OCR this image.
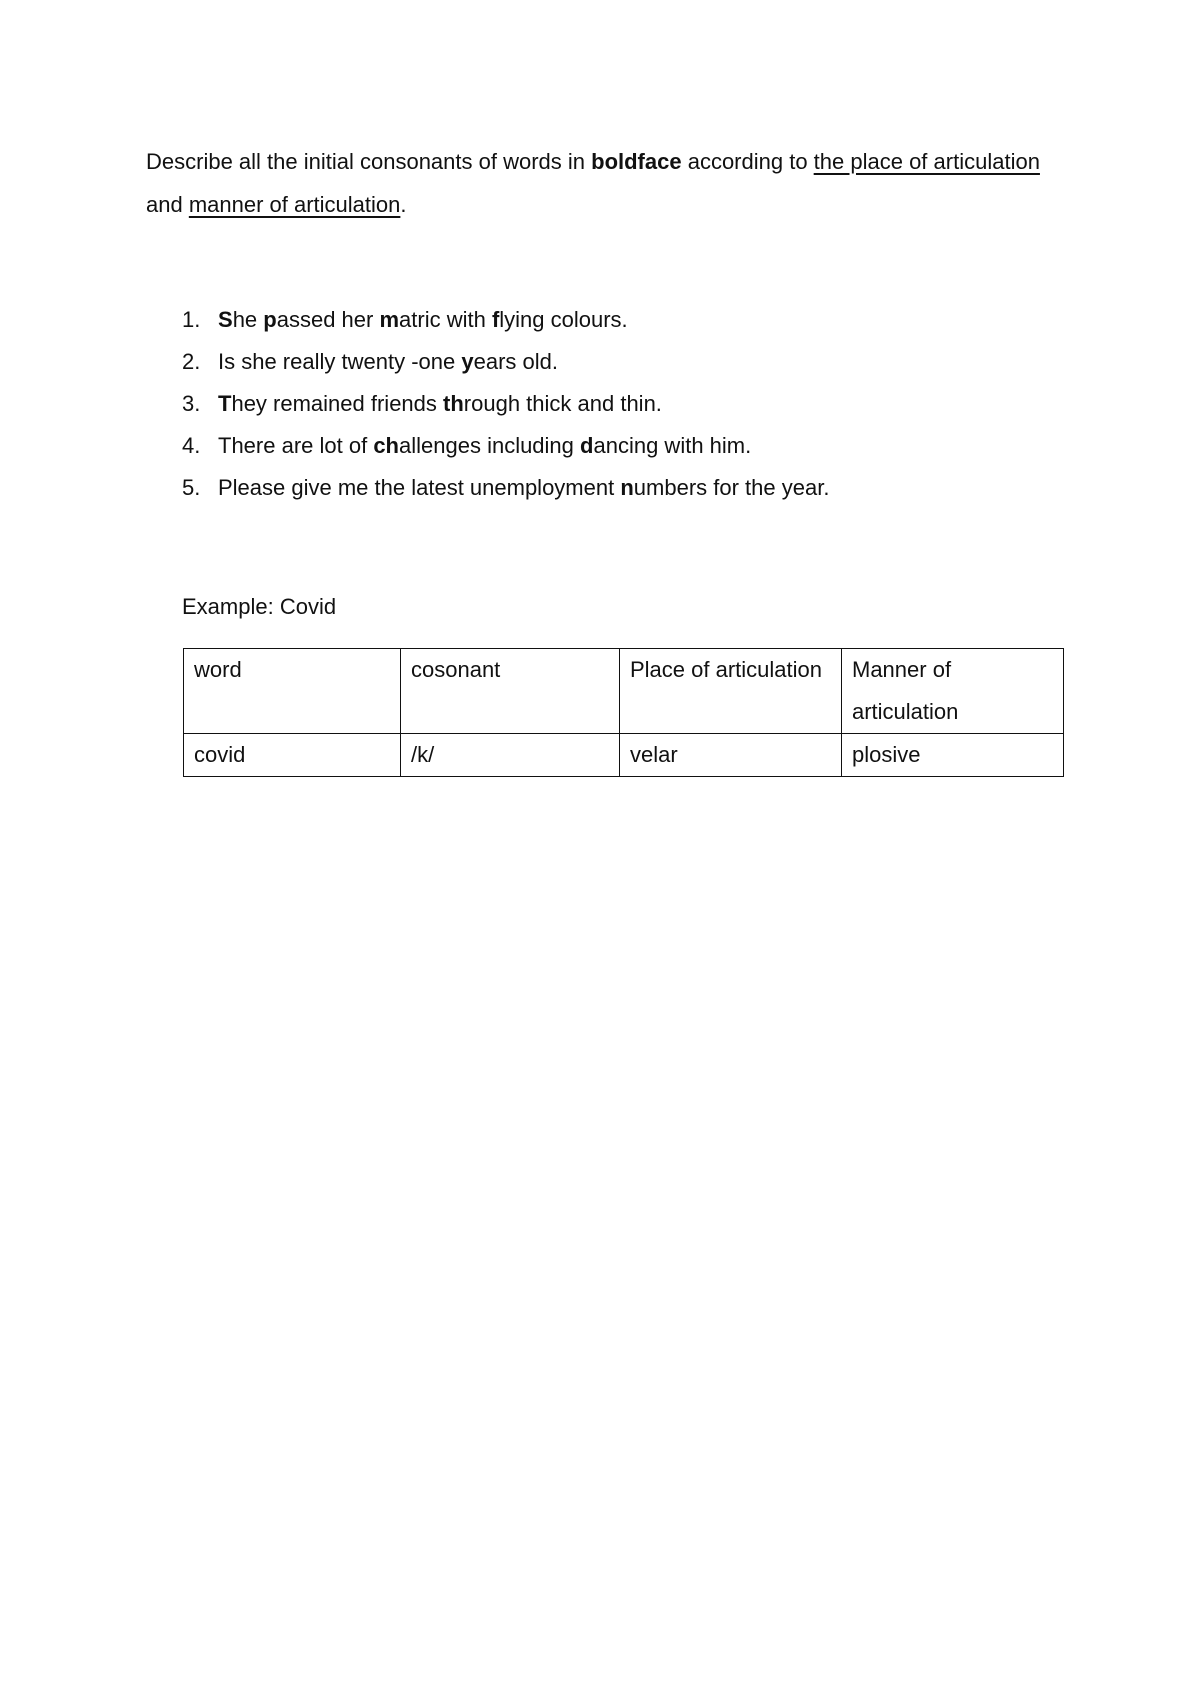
Describe all the initial consonants of words in boldface according to the place of articulation and manner of articulation.

1. She passed her matric with flying colours.
2. Is she really twenty -one years old.
3. They remained friends through thick and thin.
4. There are lot of challenges including dancing with him.
5. Please give me the latest unemployment numbers for the year.

Example: Covid

word	cosonant	Place of articulation	Manner of articulation
covid	/k/	velar	plosive
